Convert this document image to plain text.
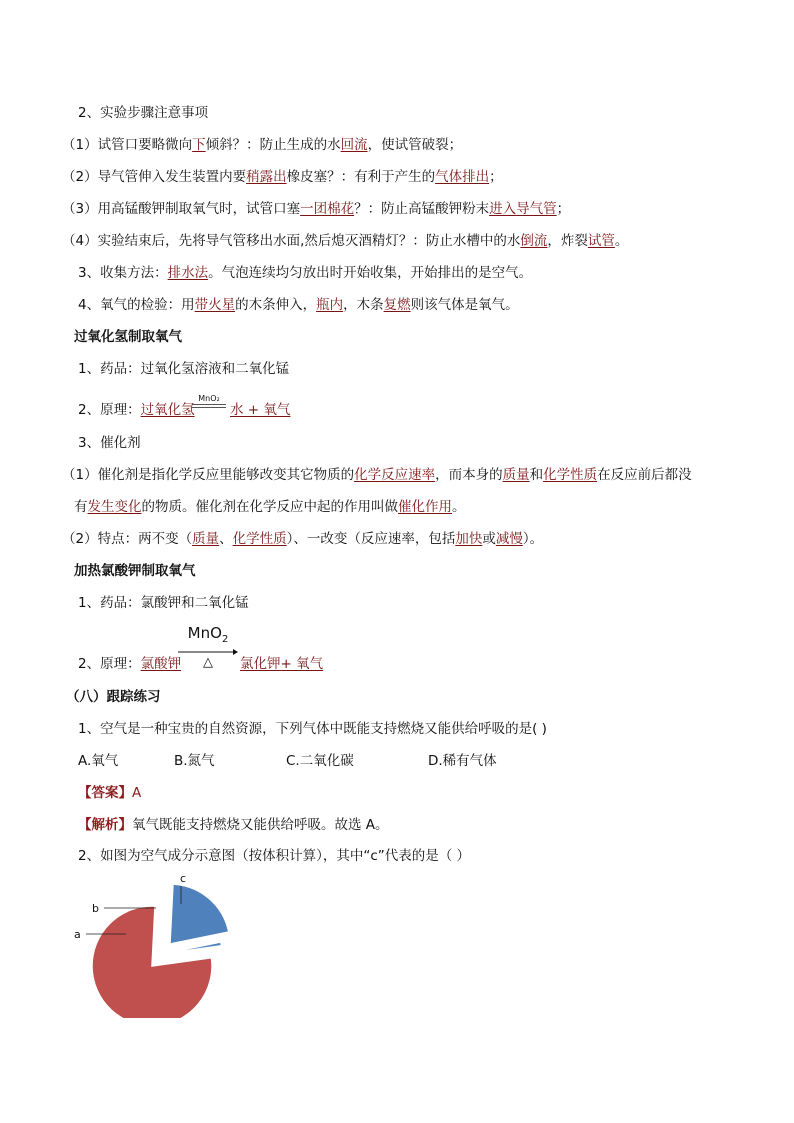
2、实验步骤注意事项
（1）试管口要略微向下倾斜？：防止生成的水回流，使试管破裂；
（2）导气管伸入发生装置内要稍露出橡皮塞？：有利于产生的气体排出；
（3）用高锰酸钾制取氧气时，试管口塞一团棉花？：防止高锰酸钾粉末进入导气管；
（4）实验结束后，先将导气管移出水面,然后熄灭酒精灯？：防止水槽中的水倒流，炸裂试管。
3、收集方法：排水法。气泡连续均匀放出时开始收集，开始排出的是空气。
4、氧气的检验：用带火星的木条伸入，瓶内，木条复燃则该气体是氧气。
过氧化氢制取氧气
1、药品：过氧化氢溶液和二氧化锰
2、原理：过氧化氢
MnO₂
水 + 氧气
3、催化剂
（1）催化剂是指化学反应里能够改变其它物质的化学反应速率，而本身的质量和化学性质在反应前后都没
有发生变化的物质。催化剂在化学反应中起的作用叫做催化作用。
（2）特点：两不变（质量、化学性质）、一改变（反应速率，包括加快或减慢）。
加热氯酸钾制取氧气
1、药品：氯酸钾和二氧化锰
2、原理：氯酸钾
MnO$_2$
△	氯化钾+ 氧气
（八）跟踪练习
1、空气是一种宝贵的自然资源，下列气体中既能支持燃烧又能供给呼吸的是( )
A.氧气	B.氮气	C.二氧化碳	D.稀有气体
【答案】A
【解析】氧气既能支持燃烧又能供给呼吸。故选 A。
2、如图为空气成分示意图（按体积计算），其中“c”代表的是（ ）
c
b
a
